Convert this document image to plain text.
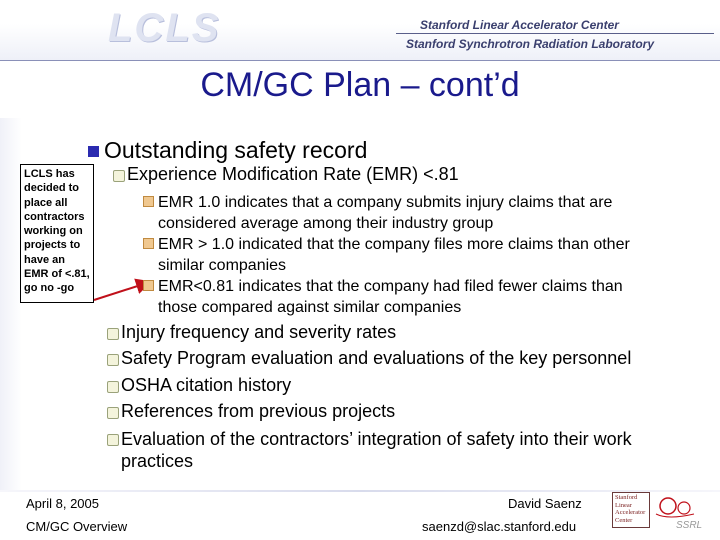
LCLS	Stanford Linear Accelerator Center
Stanford Synchrotron Radiation Laboratory
CM/GC Plan – cont’d
Outstanding safety record
LCLS has decided to place all contractors working on projects to have an EMR of <.81, go no -go
Experience Modification Rate (EMR) <.81
EMR 1.0 indicates that a company submits injury claims that are
considered average among their industry group
EMR > 1.0 indicated that the company files more claims than other
similar companies
EMR<0.81 indicates that the company had filed fewer claims than
those compared against similar companies
Injury frequency and severity rates
Safety Program evaluation and evaluations of the key personnel
OSHA citation history
References from previous projects
Evaluation of the contractors’ integration of safety into their work
practices
April 8, 2005
CM/GC Overview
David Saenz
saenzd@slac.stanford.edu
Stanford
Linear
Accelerator
Center	SSRL
